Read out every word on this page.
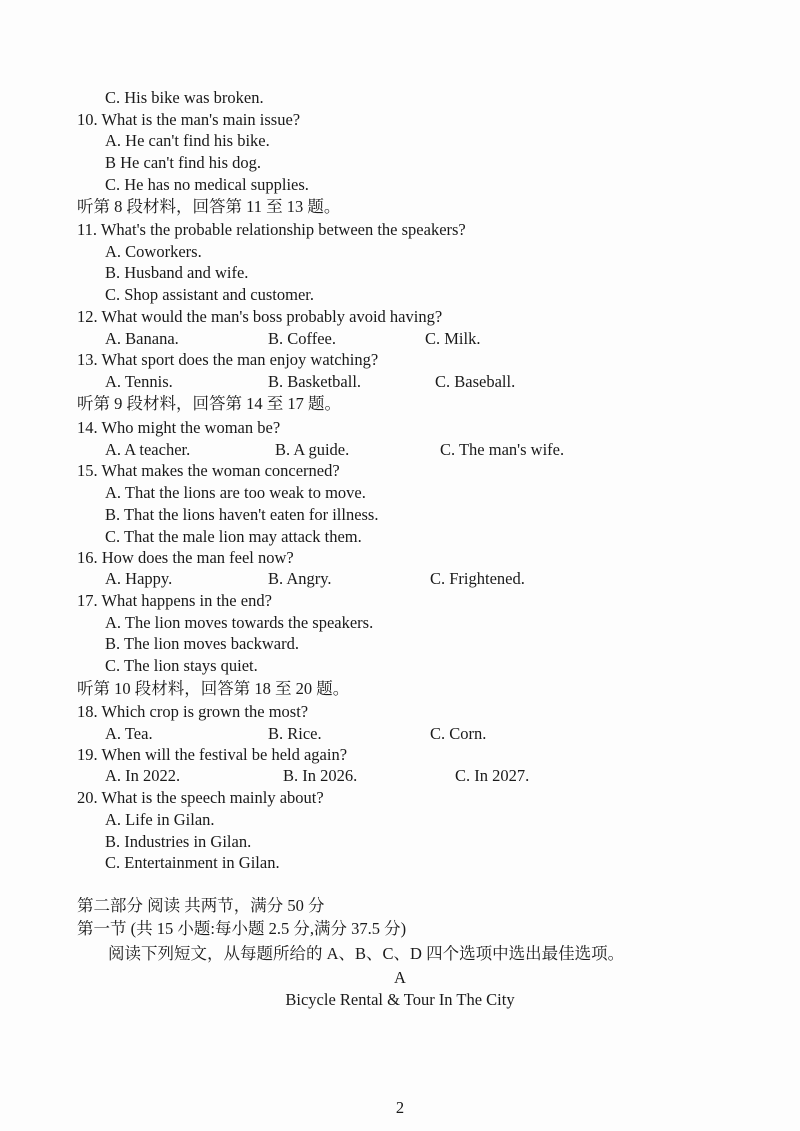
C. His bike was broken.
10. What is the man's main issue?
A. He can't find his bike.
B He can't find his dog.
C. He has no medical supplies.
听第 8 段材料，回答第 11 至 13 题。
11. What's the probable relationship between the speakers?
A. Coworkers.
B. Husband and wife.
C. Shop assistant and customer.
12. What would the man's boss probably avoid having?
A. Banana.	B. Coffee.	C. Milk.
13. What sport does the man enjoy watching?
A. Tennis.	B. Basketball.	C. Baseball.
听第 9 段材料，回答第 14 至 17 题。
14. Who might the woman be?
A. A teacher.	B. A guide.	C. The man's wife.
15. What makes the woman concerned?
A. That the lions are too weak to move.
B. That the lions haven't eaten for illness.
C. That the male lion may attack them.
16. How does the man feel now?
A. Happy.	B. Angry.	C. Frightened.
17. What happens in the end?
A. The lion moves towards the speakers.
B. The lion moves backward.
C. The lion stays quiet.
听第 10 段材料，回答第 18 至 20 题。
18. Which crop is grown the most?
A. Tea.	B. Rice.	C. Corn.
19. When will the festival be held again?
A. In 2022.	B. In 2026.	C. In 2027.
20. What is the speech mainly about?
A. Life in Gilan.
B. Industries in Gilan.
C. Entertainment in Gilan.
第二部分 阅读 共两节，满分 50 分
第一节 (共 15 小题:每小题 2.5 分,满分 37.5 分)
阅读下列短文，从每题所给的 A、B、C、D 四个选项中选出最佳选项。
A
Bicycle Rental & Tour In The City
2
